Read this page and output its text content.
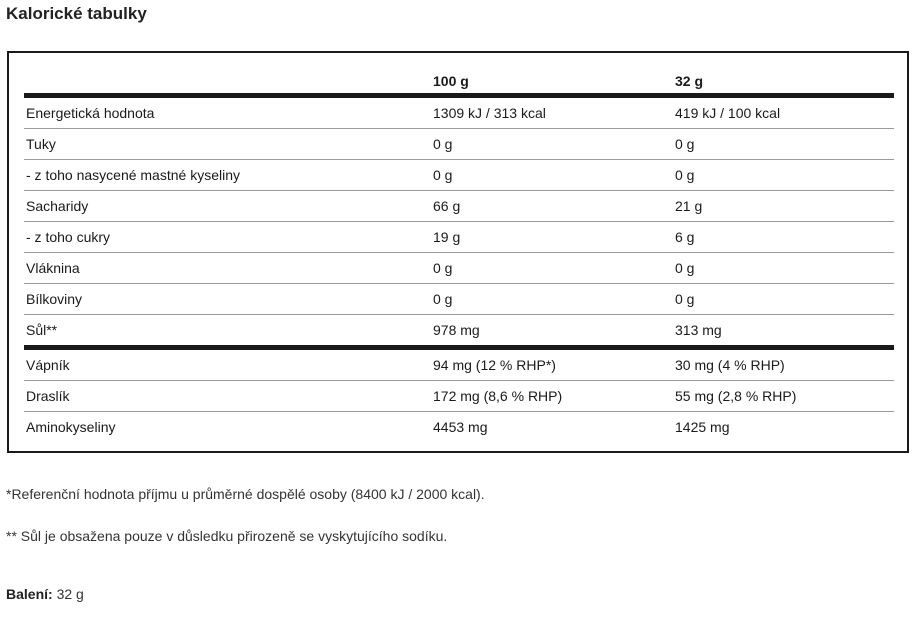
Kalorické tabulky
	100 g	32 g
Energetická hodnota	1309 kJ / 313 kcal	419 kJ / 100 kcal
Tuky	0 g	0 g
- z toho nasycené mastné kyseliny	0 g	0 g
Sacharidy	66 g	21 g
- z toho cukry	19 g	6 g
Vláknina	0 g	0 g
Bílkoviny	0 g	0 g
Sůl**	978 mg	313 mg
Vápník	94 mg (12 % RHP*)	30 mg (4 % RHP)
Draslík	172 mg (8,6 % RHP)	55 mg (2,8 % RHP)
Aminokyseliny	4453 mg	1425 mg
*Referenční hodnota příjmu u průměrné dospělé osoby (8400 kJ / 2000 kcal).
** Sůl je obsažena pouze v důsledku přirozeně se vyskytujícího sodíku.
Balení: 32 g
